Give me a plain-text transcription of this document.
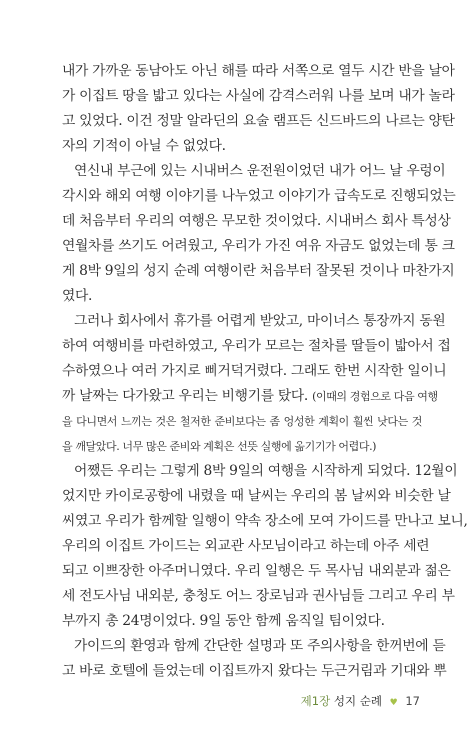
내가 가까운 동남아도 아닌 해를 따라 서쪽으로 열두 시간 반을 날아
가 이집트 땅을 밟고 있다는 사실에 감격스러워 나를 보며 내가 놀라
고 있었다. 이건 정말 알라딘의 요술 램프든 신드바드의 나르는 양탄
자의 기적이 아닐 수 없었다.
연신내 부근에 있는 시내버스 운전원이었던 내가 어느 날 우렁이
각시와 해외 여행 이야기를 나누었고 이야기가 급속도로 진행되었는
데 처음부터 우리의 여행은 무모한 것이었다. 시내버스 회사 특성상
연월차를 쓰기도 어려웠고, 우리가 가진 여유 자금도 없었는데 통 크
게 8박 9일의 성지 순례 여행이란 처음부터 잘못된 것이나 마찬가지
였다.
그러나 회사에서 휴가를 어렵게 받았고, 마이너스 통장까지 동원
하여 여행비를 마련하였고, 우리가 모르는 절차를 딸들이 밟아서 접
수하였으나 여러 가지로 삐거덕거렸다. 그래도 한번 시작한 일이니
까 날짜는 다가왔고 우리는 비행기를 탔다. (이때의 경험으로 다음 여행
을 다니면서 느끼는 것은 철저한 준비보다는 좀 엉성한 계획이 훨씬 낫다는 것
을 깨달았다. 너무 많은 준비와 계획은 선뜻 실행에 옮기기가 어렵다.)
어쨌든 우리는 그렇게 8박 9일의 여행을 시작하게 되었다. 12월이
었지만 카이로공항에 내렸을 때 날씨는 우리의 봄 날씨와 비슷한 날
씨였고 우리가 함께할 일행이 약속 장소에 모여 가이드를 만나고 보니,
우리의 이집트 가이드는 외교관 사모님이라고 하는데 아주 세련
되고 이쁘장한 아주머니였다. 우리 일행은 두 목사님 내외분과 젊은
세 전도사님 내외분, 충청도 어느 장로님과 권사님들 그리고 우리 부
부까지 총 24명이었다. 9일 동안 함께 움직일 팀이었다.
가이드의 환영과 함께 간단한 설명과 또 주의사항을 한꺼번에 듣
고 바로 호텔에 들었는데 이집트까지 왔다는 두근거림과 기대와 뿌
제1장 성지 순례 ♥ 17
